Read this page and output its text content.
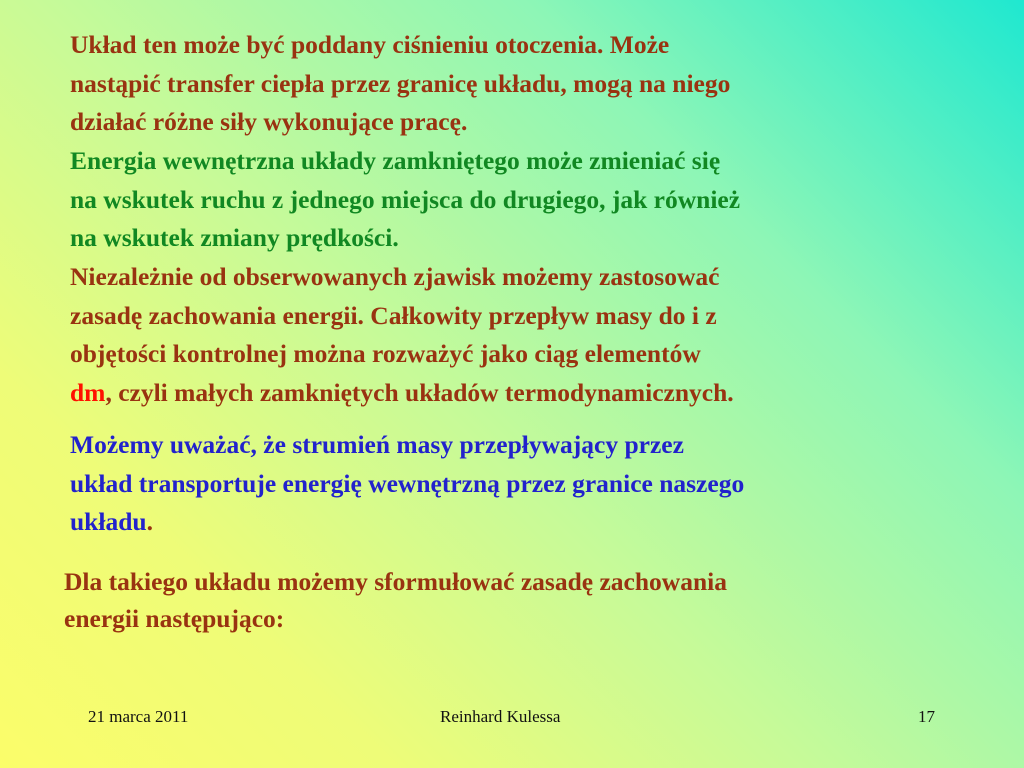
Układ ten może być poddany ciśnieniu otoczenia. Może
nastąpić transfer ciepła przez granicę układu, mogą na niego
działać różne siły wykonujące pracę.

Energia wewnętrzna układy zamkniętego może zmieniać się
na wskutek ruchu z jednego miejsca do drugiego, jak również
na wskutek zmiany prędkości.

Niezależnie od obserwowanych zjawisk możemy zastosować
zasadę zachowania energii. Całkowity przepływ masy do i z
objętości kontrolnej można rozważyć jako ciąg elementów
dm, czyli małych zamkniętych układów termodynamicznych.

Możemy uważać, że strumień masy przepływający przez
układ transportuje energię wewnętrzną przez granice naszego
układu.

Dla takiego układu możemy sformułować zasadę zachowania
energii następująco:

21 marca 2011	Reinhard Kulessa	17
